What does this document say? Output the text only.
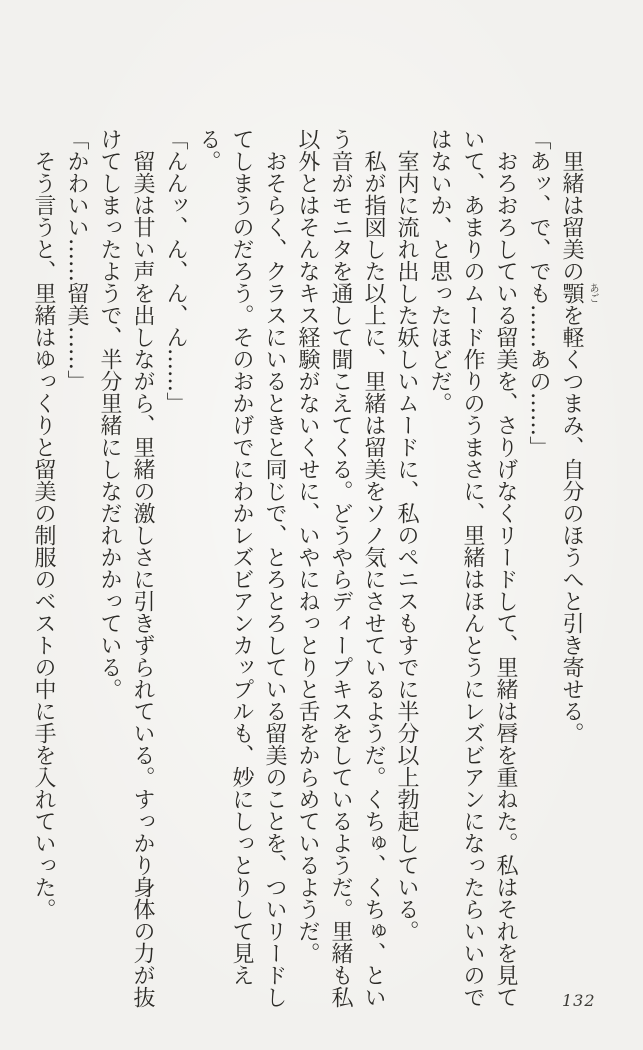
　里緒は留美の顎 あご
を軽くつまみ、自分のほうへと引き寄せる。

「あッ、で、でも……あの……」

　おろおろしている留美を、さりげなくリードして、里緒は唇を重ねた。私はそれを見ていて、あまりのムード作りのうまさに、里緒はほんとうにレズビアンになったらいいのではないか、と思ったほどだ。

　室内に流れ出した妖しいムードに、私のペニスもすでに半分以上勃起している。

　私が指図した以上に、里緒は留美をソノ気にさせているようだ。くちゅ、くちゅ、という音がモニタを通して聞こえてくる。どうやらディープキスをしているようだ。里緒も私以外とはそんなキス経験がないくせに、いやにねっとりと舌をからめているようだ。

　おそらく、クラスにいるときと同じで、とろとろしている留美のことを、ついリードしてしまうのだろう。そのおかげでにわかレズビアンカップルも、妙にしっとりして見える。

「んんッ、ん、ん、ん……」

　留美は甘い声を出しながら、里緒の激しさに引きずられている。すっかり身体の力が抜けてしまったようで、半分里緒にしなだれかかっている。

「かわいい……留美……」

　そう言うと、里緒はゆっくりと留美の制服のベストの中に手を入れていった。

132
